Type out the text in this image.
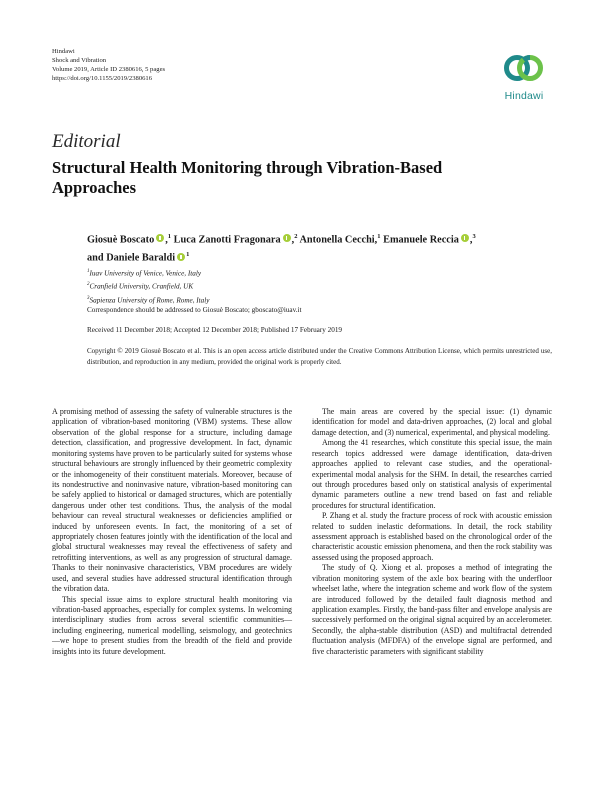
Hindawi
Shock and Vibration
Volume 2019, Article ID 2380616, 5 pages
https://doi.org/10.1155/2019/2380616
Hindawi
Editorial
Structural Health Monitoring through Vibration-Based Approaches
Giosuè Boscato ,$^1$ Luca Zanotti Fragonara ,$^2$ Antonella Cecchi,$^1$ Emanuele Reccia ,$^3$
and Daniele Baraldi $^1$
$^1$Iuav University of Venice, Venice, Italy
$^2$Cranfield University, Cranfield, UK
$^3$Sapienza University of Rome, Rome, Italy
Correspondence should be addressed to Giosuè Boscato; gboscato@iuav.it
Received 11 December 2018; Accepted 12 December 2018; Published 17 February 2019
Copyright © 2019 Giosuè Boscato et al. This is an open access article distributed under the Creative Commons Attribution License, which permits unrestricted use, distribution, and reproduction in any medium, provided the original work is properly cited.

A promising method of assessing the safety of vulnerable structures is the application of vibration-based monitoring (VBM) systems. These allow observation of the global response for a structure, including damage detection, classification, and progressive development. In fact, dynamic monitoring systems have proven to be particularly suited for systems whose structural behaviours are strongly influenced by their geometric complexity or the inhomogeneity of their constituent materials. Moreover, because of its nondestructive and noninvasive nature, vibration-based monitoring can be safely applied to historical or damaged structures, which are potentially dangerous under other test conditions. Thus, the analysis of the modal behaviour can reveal structural weaknesses or deficiencies amplified or induced by unforeseen events. In fact, the monitoring of a set of appropriately chosen features jointly with the identification of the local and global structural weaknesses may reveal the effectiveness of safety and retrofitting interventions, as well as any progression of structural damage. Thanks to their noninvasive characteristics, VBM procedures are widely used, and several studies have addressed structural identification through the vibration data.

This special issue aims to explore structural health monitoring via vibration-based approaches, especially for complex systems. In welcoming interdisciplinary studies from across several scientific communities—including engineering, numerical modelling, seismology, and geotechnics—we hope to present studies from the breadth of the field and provide insights into its future development.

The main areas are covered by the special issue: (1) dynamic identification for model and data-driven approaches, (2) local and global damage detection, and (3) numerical, experimental, and physical modeling.

Among the 41 researches, which constitute this special issue, the main research topics addressed were damage identification, data-driven approaches applied to relevant case studies, and the operational-experimental modal analysis for the SHM. In detail, the researches carried out through procedures based only on statistical analysis of experimental dynamic parameters outline a new trend based on fast and reliable procedures for structural identification.

P. Zhang et al. study the fracture process of rock with acoustic emission related to sudden inelastic deformations. In detail, the rock stability assessment approach is established based on the chronological order of the characteristic acoustic emission phenomena, and then the rock stability was assessed using the proposed approach.

The study of Q. Xiong et al. proposes a method of integrating the vibration monitoring system of the axle box bearing with the underfloor wheelset lathe, where the integration scheme and work flow of the system are introduced followed by the detailed fault diagnosis method and application examples. Firstly, the band-pass filter and envelope analysis are successively performed on the original signal acquired by an accelerometer. Secondly, the alpha-stable distribution (ASD) and multifractal detrended fluctuation analysis (MFDFA) of the envelope signal are performed, and five characteristic parameters with significant stability
